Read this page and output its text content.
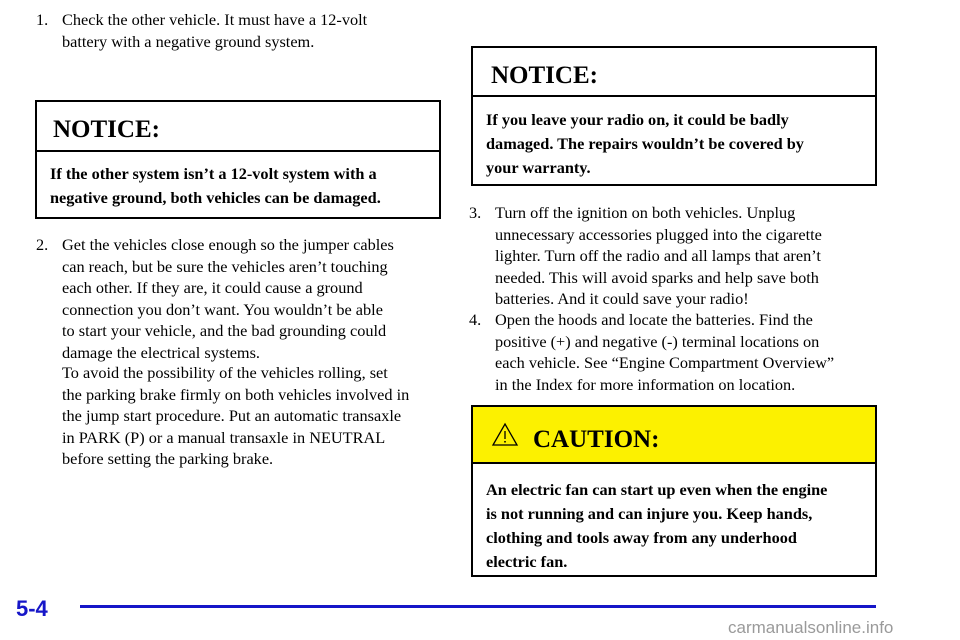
1. Check the other vehicle. It must have a 12‐volt
battery with a negative ground system.
NOTICE:
If the other system isn’t a 12‐volt system with a
negative ground, both vehicles can be damaged.
2. Get the vehicles close enough so the jumper cables
can reach, but be sure the vehicles aren’t touching
each other. If they are, it could cause a ground
connection you don’t want. You wouldn’t be able
to start your vehicle, and the bad grounding could
damage the electrical systems.
To avoid the possibility of the vehicles rolling, set
the parking brake firmly on both vehicles involved in
the jump start procedure. Put an automatic transaxle
in PARK (P) or a manual transaxle in NEUTRAL
before setting the parking brake.
NOTICE:
If you leave your radio on, it could be badly
damaged. The repairs wouldn’t be covered by
your warranty.
3. Turn off the ignition on both vehicles. Unplug
unnecessary accessories plugged into the cigarette
lighter. Turn off the radio and all lamps that aren’t
needed. This will avoid sparks and help save both
batteries. And it could save your radio!
4. Open the hoods and locate the batteries. Find the
positive (+) and negative (‐) terminal locations on
each vehicle. See “Engine Compartment Overview”
in the Index for more information on location.
CAUTION:
An electric fan can start up even when the engine
is not running and can injure you. Keep hands,
clothing and tools away from any underhood
electric fan.
5-4
carmanualsonline.info
